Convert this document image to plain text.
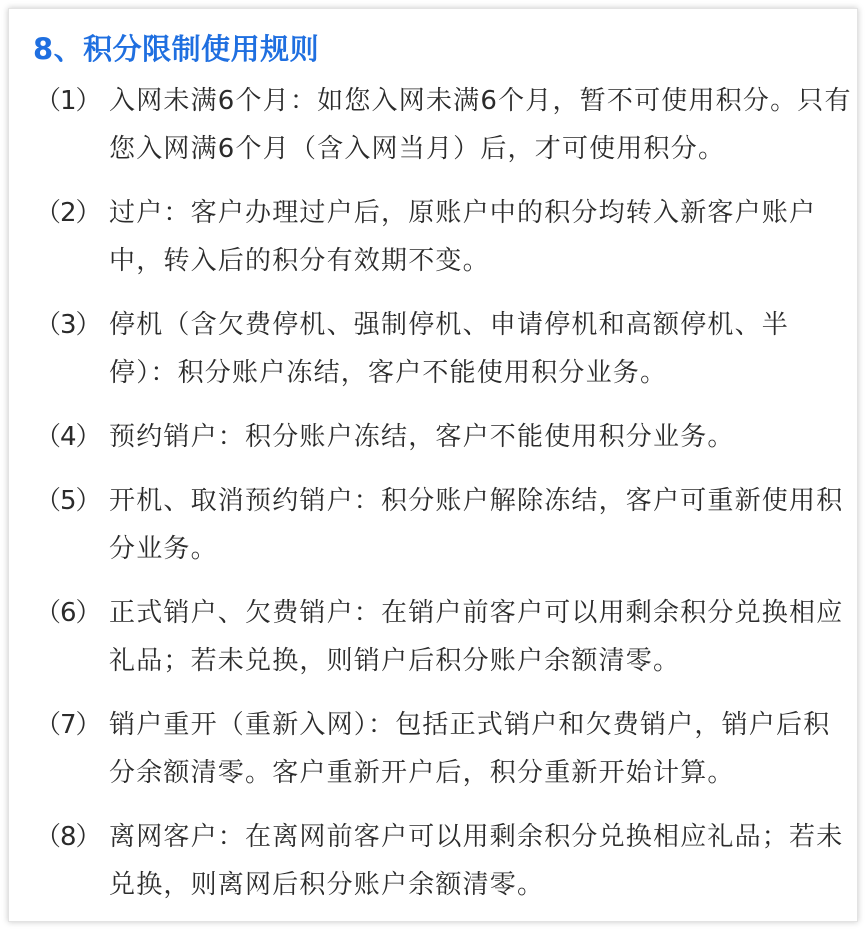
8、积分限制使用规则
（1） 入网未满6个月：如您入网未满6个月，暂不可使用积分。只有您入网满6个月（含入网当月）后，才可使用积分。
（2） 过户：客户办理过户后，原账户中的积分均转入新客户账户中，转入后的积分有效期不变。
（3） 停机（含欠费停机、强制停机、申请停机和高额停机、半停）：积分账户冻结，客户不能使用积分业务。
（4） 预约销户：积分账户冻结，客户不能使用积分业务。
（5） 开机、取消预约销户：积分账户解除冻结，客户可重新使用积分业务。
（6） 正式销户、欠费销户：在销户前客户可以用剩余积分兑换相应礼品；若未兑换，则销户后积分账户余额清零。
（7） 销户重开（重新入网）：包括正式销户和欠费销户，销户后积分余额清零。客户重新开户后，积分重新开始计算。
（8） 离网客户：在离网前客户可以用剩余积分兑换相应礼品；若未兑换，则离网后积分账户余额清零。
